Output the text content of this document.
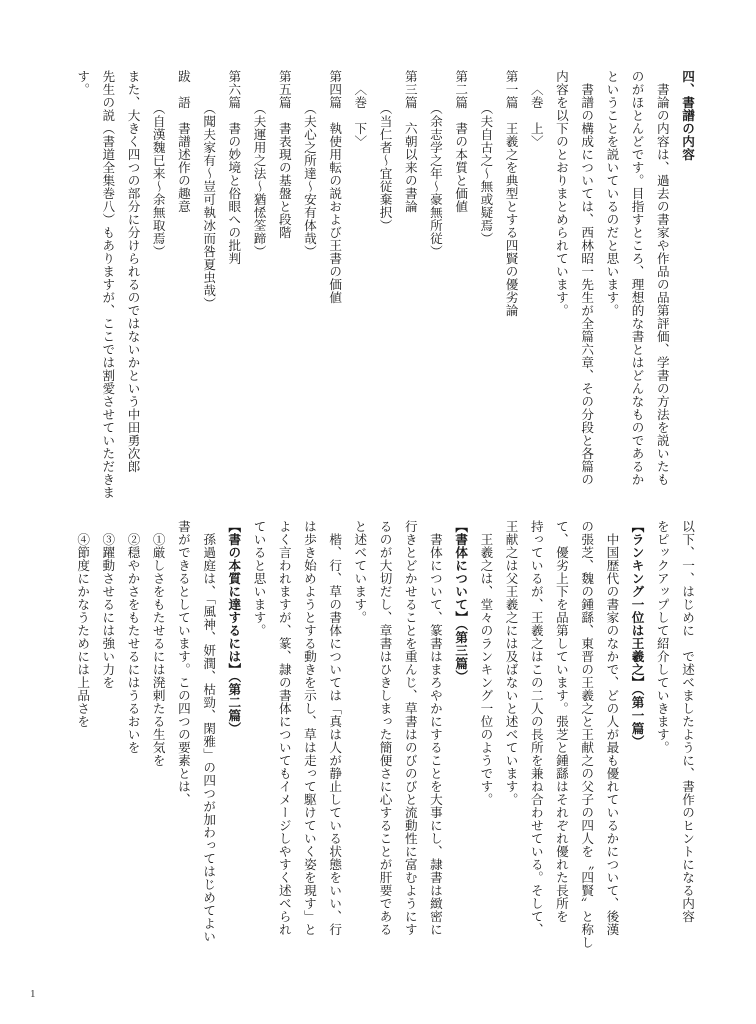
四、書譜の内容
書論の内容は、過去の書家や作品の品第評価、学書の方法を説いたも
のがほとんどです。目指すところ、理想的な書とはどんなものであるか
ということを説いているのだと思います。
書譜の構成については、西林昭一先生が全篇六章、その分段と各篇の
内容を以下のとおりまとめられています。
〈巻　上〉
第一篇　王羲之を典型とする四賢の優劣論
（夫自古之～無或疑焉）
第二篇　書の本質と価値
（余志学之年～豪無所従）
第三篇　六朝以来の書論
（当仁者～宜従棄択）
〈巻　下〉
第四篇　執使用転の説および王書の価値
（夫心之所達～安有体哉）
第五篇　書表現の基盤と段階
（夫運用之法～猶恡筌蹄）
第六篇　書の妙境と俗眼への批判
（聞夫家有～豈可執冰而咎夏虫哉）
跋　語　書譜述作の趣意
（自漢魏已来～余無取焉）
また、大きく四つの部分に分けられるのではないかという中田勇次郎
先生の説（書道全集巻八）もありますが、ここでは割愛させていただきま
す。
以下、一、はじめに　で述べましたように、書作のヒントになる内容
をピックアップして紹介していきます。
【ランキング一位は王羲之】（第一篇）
中国歴代の書家のなかで、どの人が最も優れているかについて、後漢
の張芝、魏の鍾繇、東晋の王羲之と王献之の父子の四人を〝四賢〟と称し
て、優劣上下を品第しています。張芝と鍾繇はそれぞれ優れた長所を
持っているが、王羲之はこの二人の長所を兼ね合わせている。そして、
王献之は父王羲之には及ばないと述べています。
王羲之は、堂々のランキング一位のようです。
【書体について】（第三篇）
書体について、篆書はまろやかにすることを大事にし、隷書は緻密に
行きとどかせることを重んじ、草書はのびのびと流動性に富むようにす
るのが大切だし、章書はひきしまった簡便さに心することが肝要である
と述べています。
楷、行、草の書体については「真は人が静止している状態をいい、行
は歩き始めようとする動きを示し、草は走って駆けていく姿を現す」と
よく言われますが、篆、隷の書体についてもイメージしやすく述べられ
ていると思います。
【書の本質に達するには】（第二篇）
孫過庭は、「風神、妍潤、枯勁、閑雅」の四つが加わってはじめてよい
書ができるとしています。この四つの要素とは、
①厳しさをもたせるには溌剌たる生気を
②穏やかさをもたせるにはうるおいを
③躍動させるには強い力を
④節度にかなうためには上品さを
1
